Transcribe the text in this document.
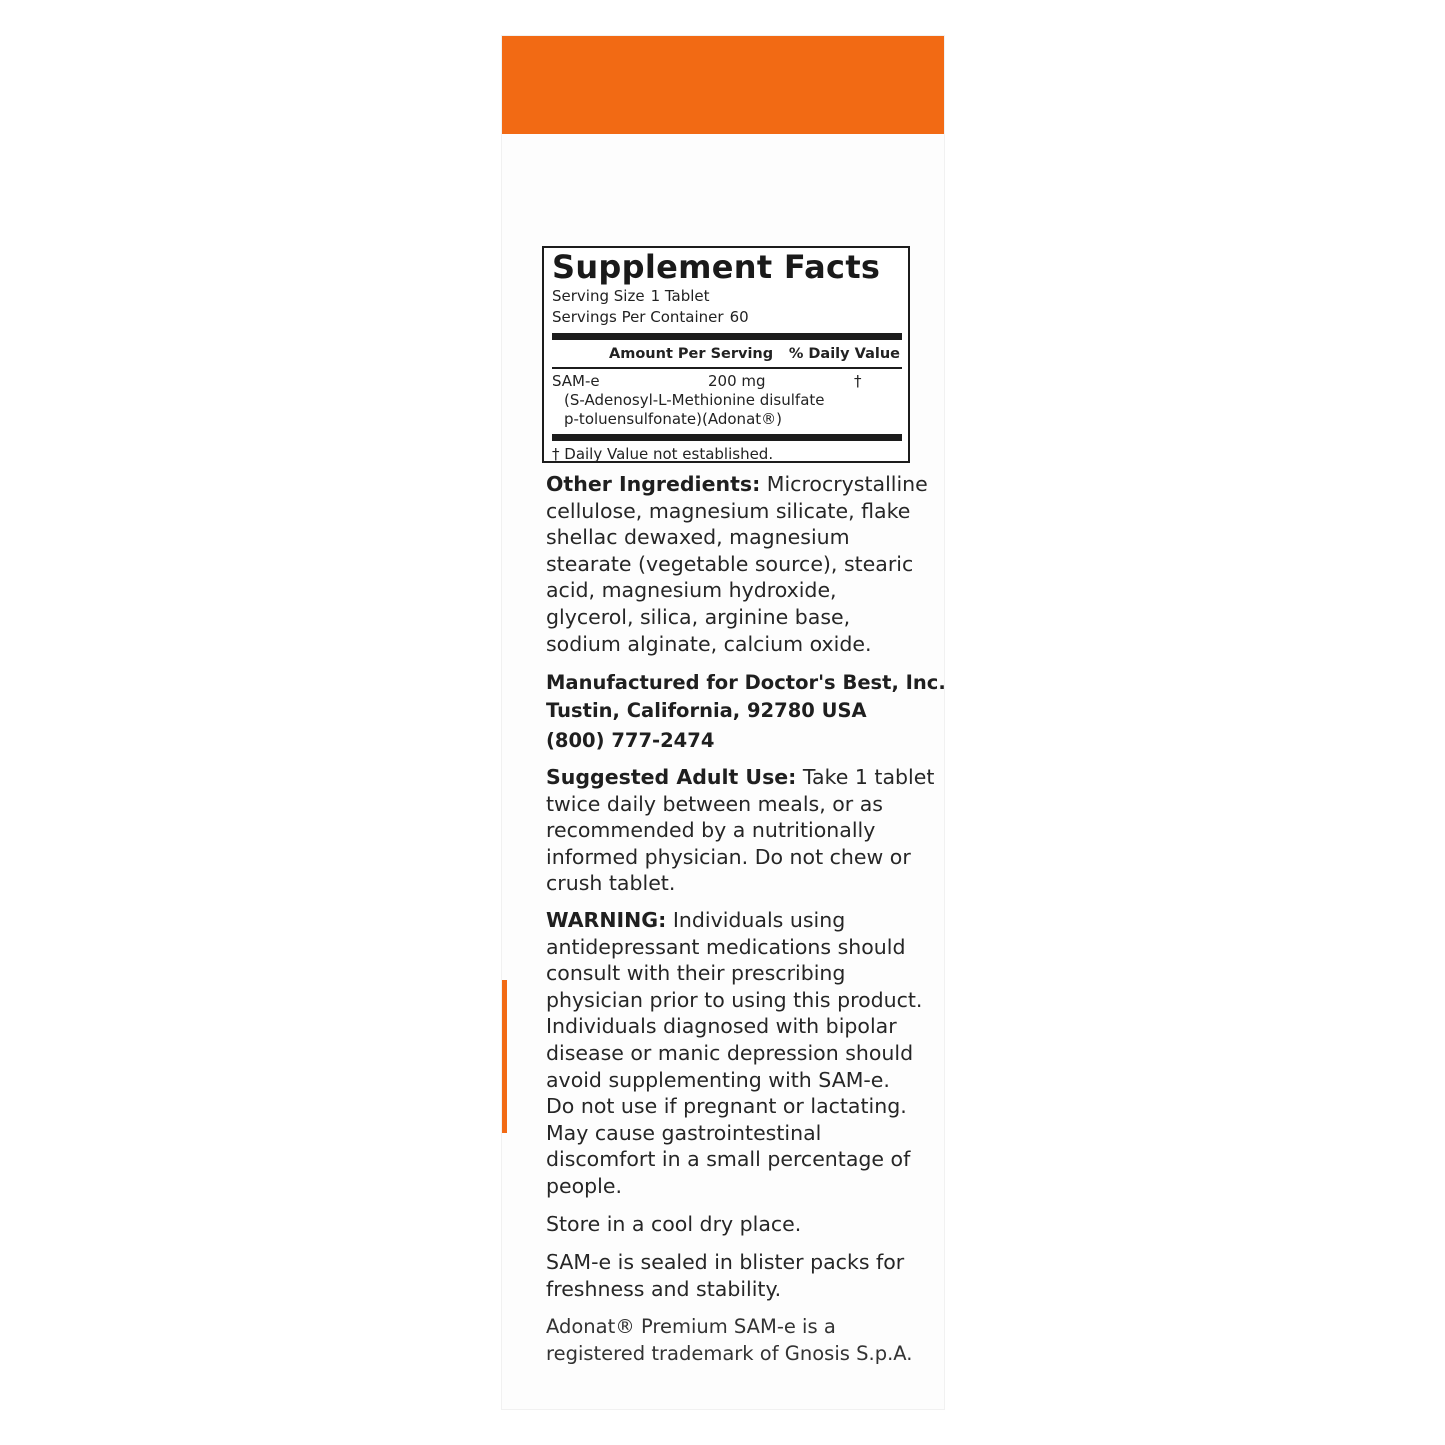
Supplement Facts
Serving Size 1 Tablet
Servings Per Container 60
Amount Per Serving % Daily Value
SAM-e	200 mg	†
(S-Adenosyl-L-Methionine disulfate
p-toluensulfonate)(Adonat®)
† Daily Value not established.
Other Ingredients: Microcrystalline
cellulose, magnesium silicate, flake
shellac dewaxed, magnesium
stearate (vegetable source), stearic
acid, magnesium hydroxide,
glycerol, silica, arginine base,
sodium alginate, calcium oxide.
Manufactured for Doctor's Best, Inc.
Tustin, California, 92780 USA
(800) 777-2474
Suggested Adult Use: Take 1 tablet
twice daily between meals, or as
recommended by a nutritionally
informed physician. Do not chew or
crush tablet.
WARNING: Individuals using
antidepressant medications should
consult with their prescribing
physician prior to using this product.
Individuals diagnosed with bipolar
disease or manic depression should
avoid supplementing with SAM-e.
Do not use if pregnant or lactating.
May cause gastrointestinal
discomfort in a small percentage of
people.
Store in a cool dry place.
SAM-e is sealed in blister packs for
freshness and stability.
Adonat® Premium SAM-e is a
registered trademark of Gnosis S.p.A.
